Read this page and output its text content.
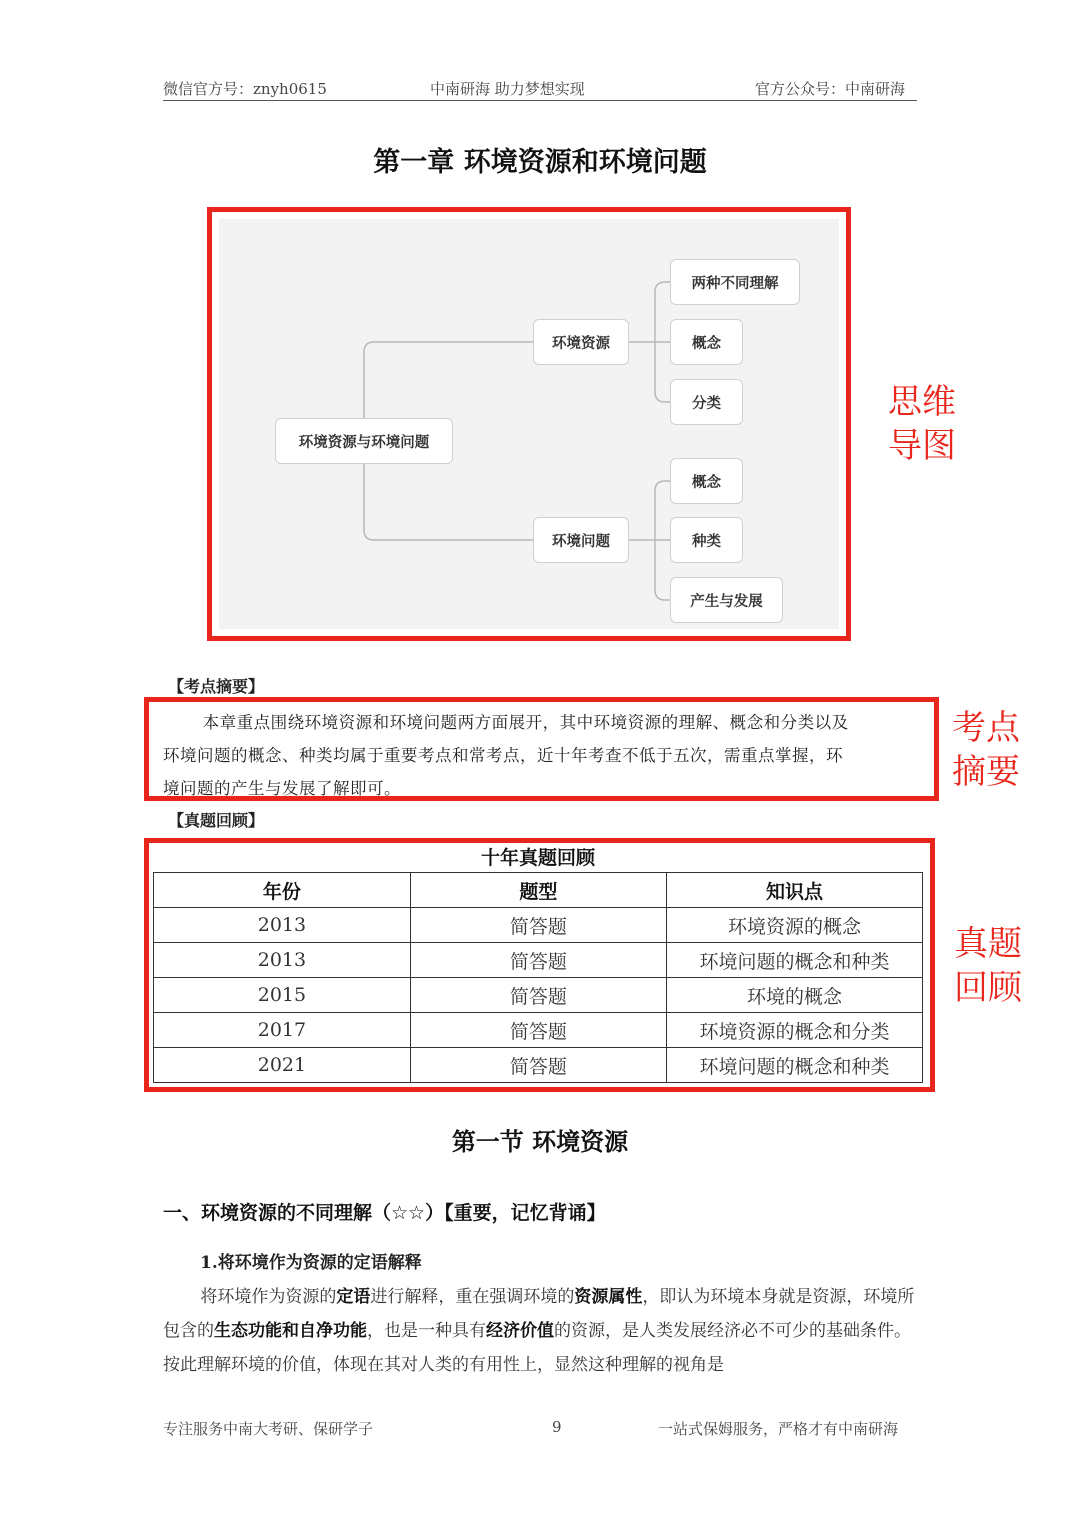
微信官方号：znyh0615	中南研海 助力梦想实现	官方公众号：中南研海
第一章 环境资源和环境问题
环境资源与环境问题
环境资源
环境问题
两种不同理解
概念
分类
概念
种类
产生与发展
思维
导图
【考点摘要】
本章重点围绕环境资源和环境问题两方面展开，其中环境资源的理解、概念和分类以及
环境问题的概念、种类均属于重要考点和常考点，近十年考查不低于五次，需重点掌握，环
境问题的产生与发展了解即可。
考点
摘要
【真题回顾】
十年真题回顾
年份	题型	知识点
2013	简答题	环境资源的概念
2013	简答题	环境问题的概念和种类
2015	简答题	环境的概念
2017	简答题	环境资源的概念和分类
2021	简答题	环境问题的概念和种类
真题
回顾
第一节 环境资源
一、环境资源的不同理解（☆☆）【重要，记忆背诵】
1.将环境作为资源的定语解释
将环境作为资源的定语进行解释，重在强调环境的资源属性，即认为环境本身就是资源，环境所包含的生态功能和自净功能，也是一种具有经济价值的资源，是人类发展经济必不可少的基础条件。按此理解环境的价值，体现在其对人类的有用性上，显然这种理解的视角是
专注服务中南大考研、保研学子	9	一站式保姆服务，严格才有中南研海
